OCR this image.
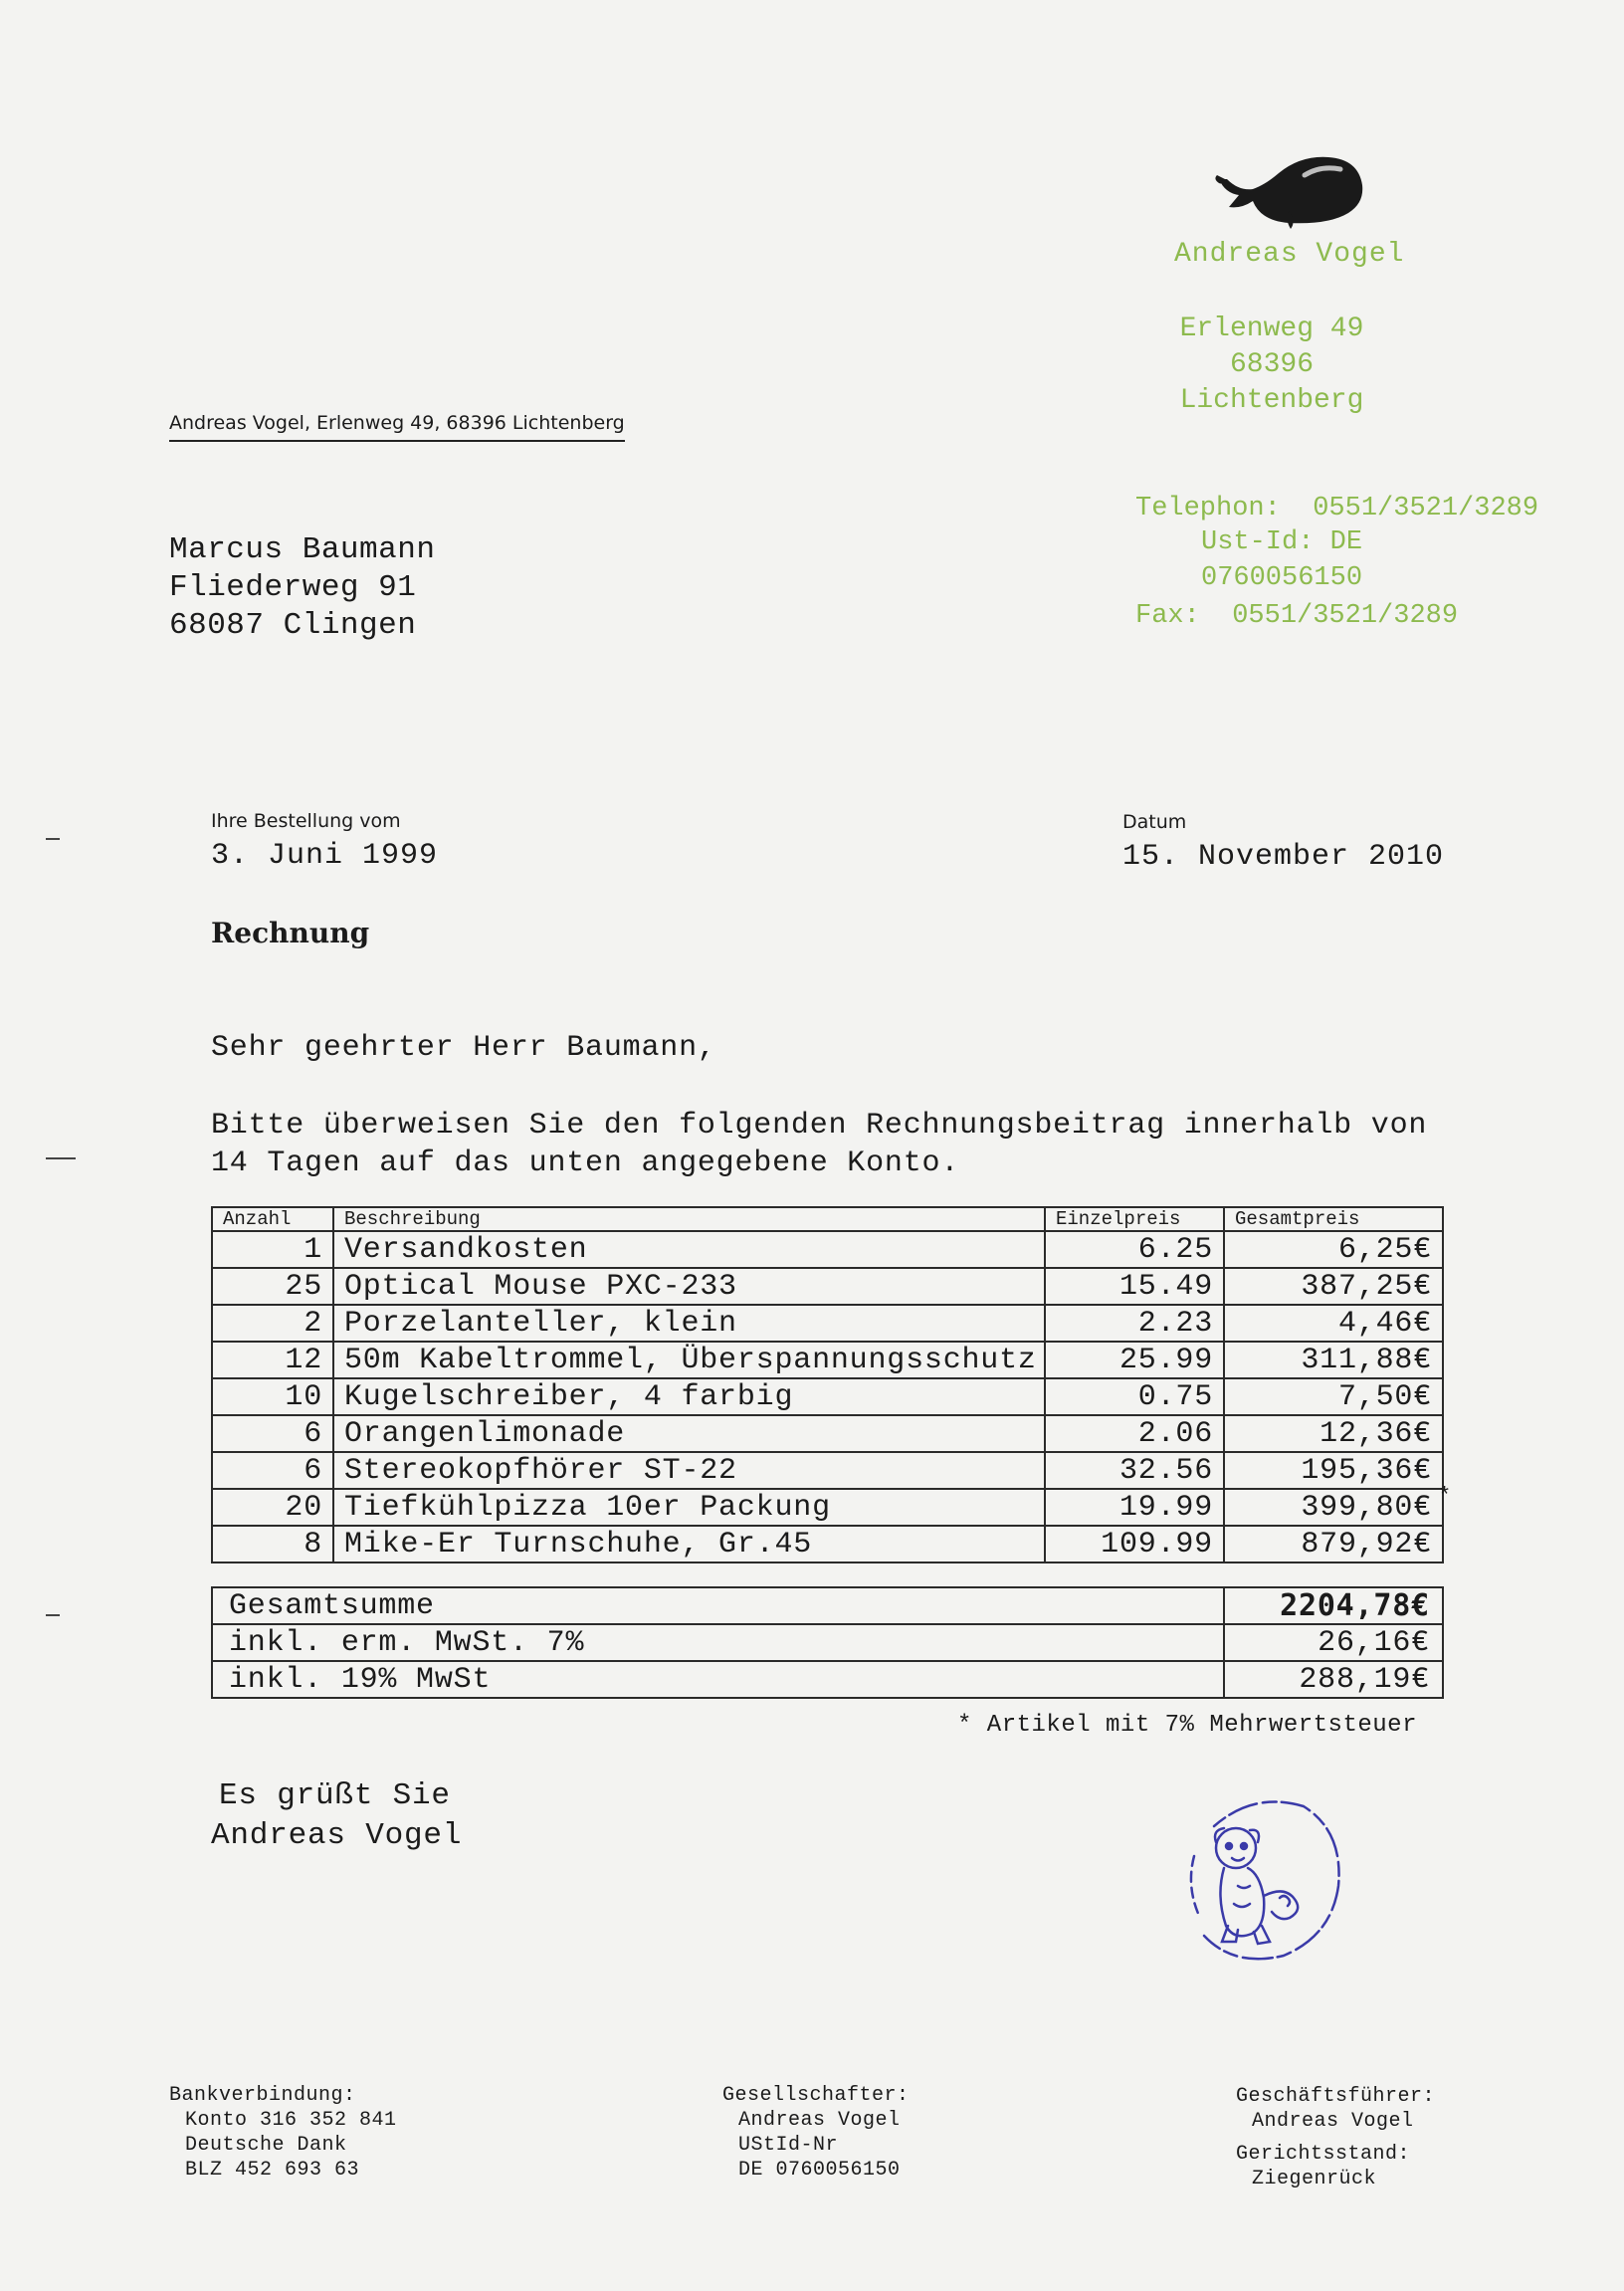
Andreas Vogel
Erlenweg 49
68396 Lichtenberg

Telephon: 0551/3521/3289

Fax: 0551/3521/3289

Ust-Id: DE
0760056150
Andreas Vogel, Erlenweg 49, 68396 Lichtenberg
Marcus Baumann
Fliederweg 91
68087 Clingen
Ihre Bestellung vom
3. Juni 1999
Datum
15. November 2010
Rechnung
Sehr geehrter Herr Baumann,
Bitte überweisen Sie den folgenden Rechnungsbeitrag innerhalb von 14 Tagen auf das unten angegebene Konto.
Anzahl	Beschreibung	Einzelpreis	Gesamtpreis
1	Versandkosten	6.25	6,25€
25	Optical Mouse PXC-233	15.49	387,25€
2	Porzelanteller, klein	2.23	4,46€
12	50m Kabeltrommel, Überspannungsschutz	25.99	311,88€
10	Kugelschreiber, 4 farbig	0.75	7,50€
6	Orangenlimonade	2.06	12,36€
6	Stereokopfhörer ST-22	32.56	195,36€
20	Tiefkühlpizza 10er Packung	19.99	399,80€ *

8	Mike-Er Turnschuhe, Gr.45	109.99	879,92€
Gesamtsumme	2204,78€
inkl. erm. MwSt. 7%	26,16€
inkl. 19% MwSt	288,19€
* Artikel mit 7% Mehrwertsteuer
Es grüßt Sie
Andreas Vogel
Bankverbindung:
Konto 316 352 841
Deutsche Dank
BLZ 452 693 63
Gesellschafter:
Andreas Vogel
UStId-Nr
DE 0760056150
Geschäftsführer:
Andreas Vogel
Gerichtsstand:
Ziegenrück
